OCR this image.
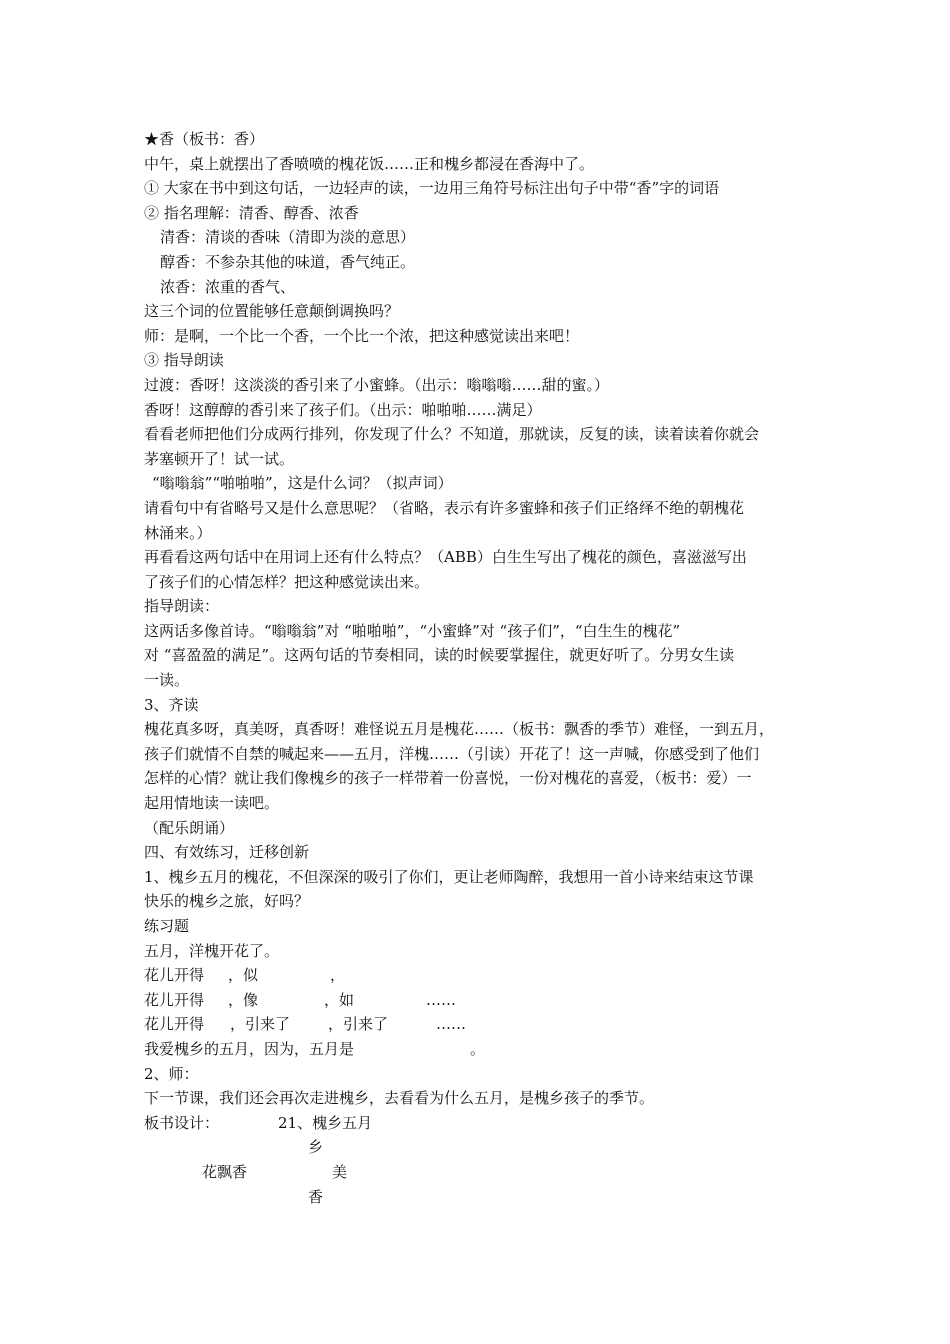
★香（板书：香）

中午，桌上就摆出了香喷喷的槐花饭……正和槐乡都浸在香海中了。

① 大家在书中到这句话，一边轻声的读，一边用三角符号标注出句子中带“香”字的词语

② 指名理解：清香、醇香、浓香

清香：清谈的香味（清即为淡的意思）

醇香：不参杂其他的味道，香气纯正。

浓香：浓重的香气、

这三个词的位置能够任意颠倒调换吗？

师：是啊，一个比一个香，一个比一个浓，把这种感觉读出来吧！

③ 指导朗读

过渡：香呀！这淡淡的香引来了小蜜蜂。（出示：嗡嗡嗡……甜的蜜。）

香呀！这醇醇的香引来了孩子们。（出示：啪啪啪……满足）

看看老师把他们分成两行排列，你发现了什么？不知道，那就读，反复的读，读着读着你就会

茅塞顿开了！试一试。

“嗡嗡翁”“啪啪啪”，这是什么词？（拟声词）

请看句中有省略号又是什么意思呢？（省略，表示有许多蜜蜂和孩子们正络绎不绝的朝槐花

林涌来。）

再看看这两句话中在用词上还有什么特点？（ABB）白生生写出了槐花的颜色，喜滋滋写出

了孩子们的心情怎样？把这种感觉读出来。

指导朗读：

这两话多像首诗。“嗡嗡翁”对 “啪啪啪”，“小蜜蜂”对 “孩子们”，“白生生的槐花”

对 “喜盈盈的满足”。这两句话的节奏相同，读的时候要掌握住，就更好听了。分男女生读

一读。

3、齐读

槐花真多呀，真美呀，真香呀！难怪说五月是槐花……（板书：飘香的季节）难怪，一到五月，

孩子们就情不自禁的喊起来——五月，洋槐……（引读）开花了！这一声喊，你感受到了他们

怎样的心情？就让我们像槐乡的孩子一样带着一份喜悦，一份对槐花的喜爱，（板书：爱）一

起用情地读一读吧。

（配乐朗诵）

四、有效练习，迁移创新

1、槐乡五月的槐花，不但深深的吸引了你们，更让老师陶醉，我想用一首小诗来结束这节课

快乐的槐乡之旅，好吗？

练习题

五月，洋槐开花了。

花儿开得 ，似	，
花儿开得 ，像	，如	……
花儿开得 ，引来了	，引来了	……
我爱槐乡的五月，因为，五月是	。

2、师：

下一节课，我们还会再次走进槐乡，去看看为什么五月，是槐乡孩子的季节。

板书设计：	21、槐乡五月
乡
花飘香	美
香
